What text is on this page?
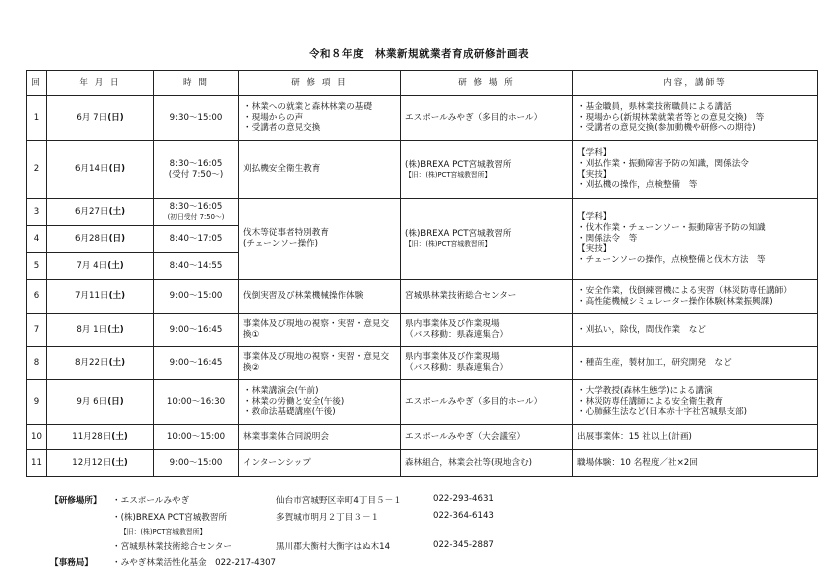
令和８年度　林業新規就業者育成研修計画表
回	年 月 日	時 間	研 修 項 目	研 修 場 所	内容，講師等
1	6月 7日(日)	9:30～15:00	・林業への就業と森林林業の基礎
・現場からの声
・受講者の意見交換	エスポールみやぎ（多目的ホール）	・基金職員，県林業技術職員による講話
・現場から(新規林業就業者等との意見交換)　等
・受講者の意見交換(参加動機や研修への期待)

2	6月14日(日)	8:30～16:05
(受付 7:50～)	刈払機安全衛生教育	(株)BREXA PCT宮城教習所
【旧：(株)PCT宮城教習所】	【学科】
・刈払作業・振動障害予防の知識，関係法令
【実技】
・刈払機の操作，点検整備　等

3	6月27日(土)	8:30～16:05
(初日受付 7:50～)	伐木等従事者特別教育
(チェーンソー操作)	(株)BREXA PCT宮城教習所
【旧：(株)PCT宮城教習所】	【学科】
・伐木作業・チェーンソー・振動障害予防の知識
・関係法令　等
【実技】
・チェーンソーの操作，点検整備と伐木方法　等

4	6月28日(日)	8:40～17:05			
5	7月 4日(土)	8:40～14:55			
6	7月11日(土)	9:00～15:00	伐倒実習及び林業機械操作体験	宮城県林業技術総合センター	・安全作業，伐倒練習機による実習（林災防専任講師）
・高性能機械シミュレーター操作体験(林業振興課)

7	8月 1日(土)	9:00～16:45	事業体及び現地の視察・実習・意見交換①	県内事業体及び作業現場
（バス移動：県森連集合）	・刈払い，除伐，間伐作業　など
8	8月22日(土)	9:00～16:45	事業体及び現地の視察・実習・意見交換②	県内事業体及び作業現場
（バス移動：県森連集合）	・種苗生産，製材加工，研究開発　など
9	9月 6日(日)	10:00～16:30	・林業講演会(午前)
・林業の労働と安全(午後)
・救命法基礎講座(午後)	エスポールみやぎ（多目的ホール）	・大学教授(森林生態学)による講演
・林災防専任講師による安全衛生教育
・心肺蘇生法など(日本赤十字社宮城県支部)

10	11月28日(土)	10:00～15:00	林業事業体合同説明会	エスポールみやぎ（大会議室）	出展事業体：15 社以上(計画)
11	12月12日(土)	9:00～15:00	インターンシップ	森林組合，林業会社等(現地含む)	職場体験：10 名程度／社×2回
【研修場所】 ・エスポールみやぎ	仙台市宮城野区幸町4丁目５－１	022-293-4631
・(株)BREXA PCT宮城教習所	多賀城市明月２丁目３－１	022-364-6143
【旧：(株)PCT宮城教習所】
・宮城県林業技術総合センター	黒川郡大衡村大衡字はぬ木14	022-345-2887
【事務局】 ・みやぎ林業活性化基金　022-217-4307
